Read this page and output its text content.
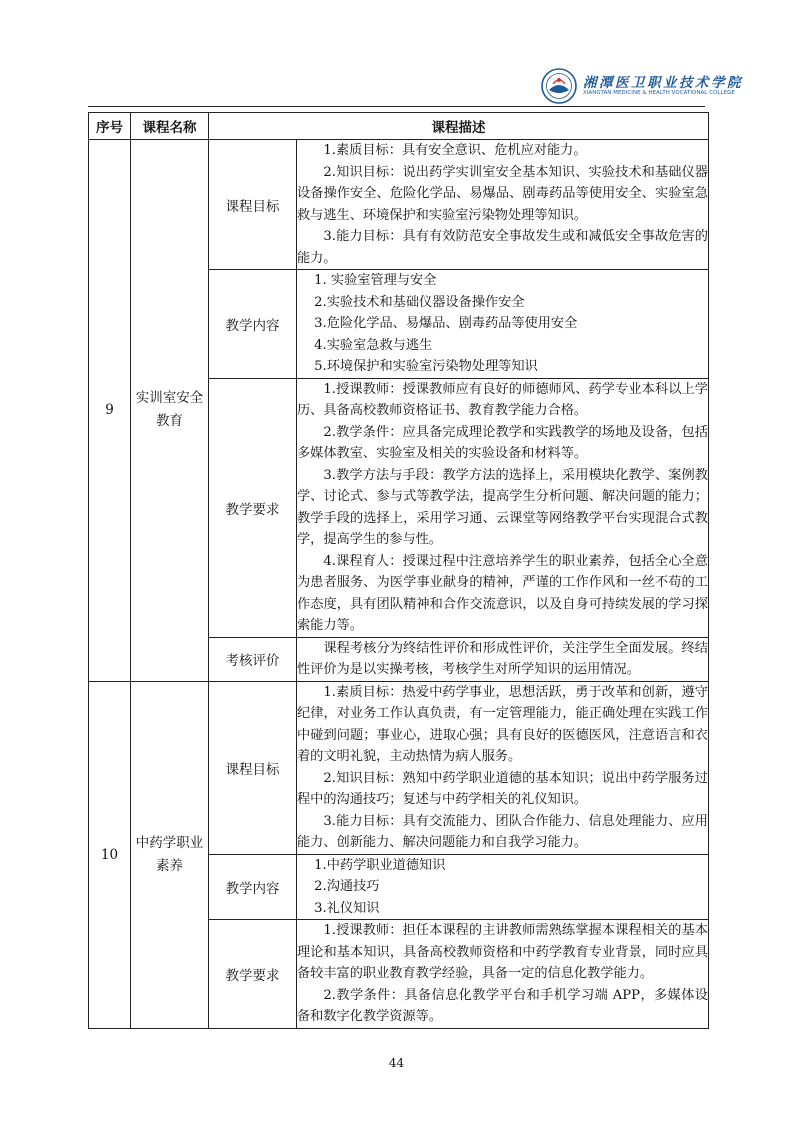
湘潭医卫职业技术学院
XIANGTAN MEDICINE & HEALTH VOCATIONAL COLLEGE
序号	课程名称	课程描述	
9	实训室安全教育	课程目标	1.素质目标：具有安全意识、危机应对能力。
2.知识目标：说出药学实训室安全基本知识、实验技术和基础仪器设备操作安全、危险化学品、易爆品、剧毒药品等使用安全、实验室急救与逃生、环境保护和实验室污染物处理等知识。
3.能力目标：具有有效防范安全事故发生或和减低安全事故危害的能力。

		教学内容	1. 实验室管理与安全
2.实验技术和基础仪器设备操作安全
3.危险化学品、易爆品、剧毒药品等使用安全
4.实验室急救与逃生
5.环境保护和实验室污染物处理等知识

		教学要求	1.授课教师：授课教师应有良好的师德师风、药学专业本科以上学历、具备高校教师资格证书、教育教学能力合格。
2.教学条件：应具备完成理论教学和实践教学的场地及设备，包括多媒体教室、实验室及相关的实验设备和材料等。
3.教学方法与手段：教学方法的选择上，采用模块化教学、案例教学、讨论式、参与式等教学法，提高学生分析问题、解决问题的能力；教学手段的选择上，采用学习通、云课堂等网络教学平台实现混合式教学，提高学生的参与性。
4.课程育人：授课过程中注意培养学生的职业素养，包括全心全意为患者服务、为医学事业献身的精神，严谨的工作作风和一丝不苟的工作态度，具有团队精神和合作交流意识，以及自身可持续发展的学习探索能力等。

		考核评价	课程考核分为终结性评价和形成性评价，关注学生全面发展。终结性评价为是以实操考核，考核学生对所学知识的运用情况。

10	中药学职业素养	课程目标	1.素质目标：热爱中药学事业，思想活跃，勇于改革和创新，遵守纪律，对业务工作认真负责，有一定管理能力，能正确处理在实践工作中碰到问题；事业心，进取心强；具有良好的医德医风，注意语言和衣着的文明礼貌，主动热情为病人服务。
2.知识目标：熟知中药学职业道德的基本知识；说出中药学服务过程中的沟通技巧；复述与中药学相关的礼仪知识。
3.能力目标：具有交流能力、团队合作能力、信息处理能力、应用能力、创新能力、解决问题能力和自我学习能力。

		教学内容	1.中药学职业道德知识
2.沟通技巧
3.礼仪知识

		教学要求	1.授课教师：担任本课程的主讲教师需熟练掌握本课程相关的基本理论和基本知识，具备高校教师资格和中药学教育专业背景，同时应具备较丰富的职业教育教学经验，具备一定的信息化教学能力。
2.教学条件：具备信息化教学平台和手机学习端 APP，多媒体设备和数字化教学资源等。
44
